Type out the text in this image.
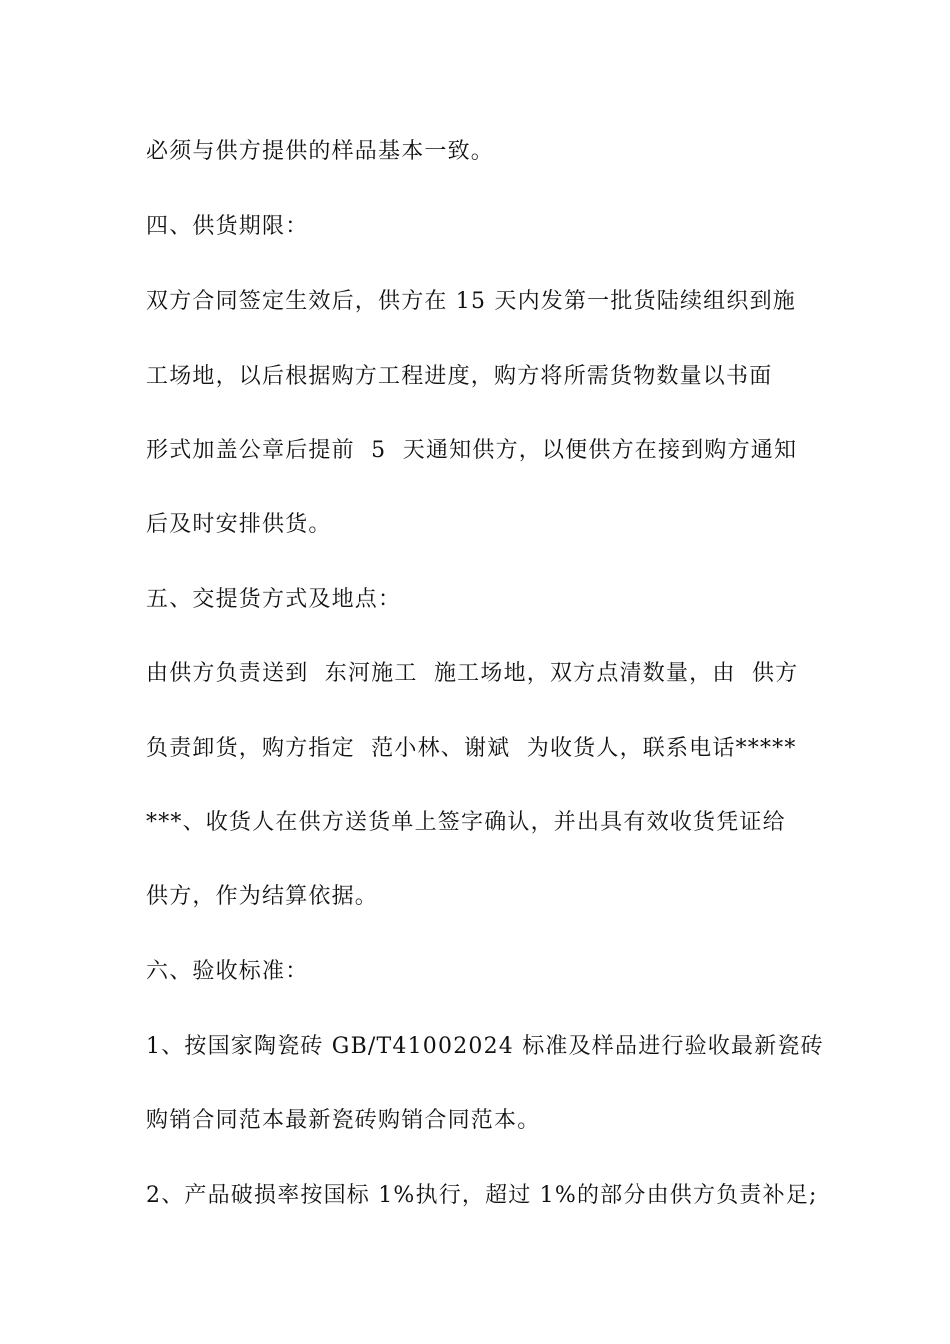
必须与供方提供的样品基本一致。
四、供货期限：
双方合同签定生效后，供方在 15 天内发第一批货陆续组织到施
工场地，以后根据购方工程进度，购方将所需货物数量以书面
形式加盖公章后提前  5  天通知供方，以便供方在接到购方通知
后及时安排供货。
五、交提货方式及地点：
由供方负责送到  东河施工  施工场地，双方点清数量，由  供方
负责卸货，购方指定  范小林、谢斌  为收货人，联系电话*****
***、收货人在供方送货单上签字确认，并出具有效收货凭证给
供方，作为结算依据。
六、验收标准：
1、按国家陶瓷砖 GB/T41002024 标准及样品进行验收最新瓷砖
购销合同范本最新瓷砖购销合同范本。
2、产品破损率按国标 1%执行，超过 1%的部分由供方负责补足;
